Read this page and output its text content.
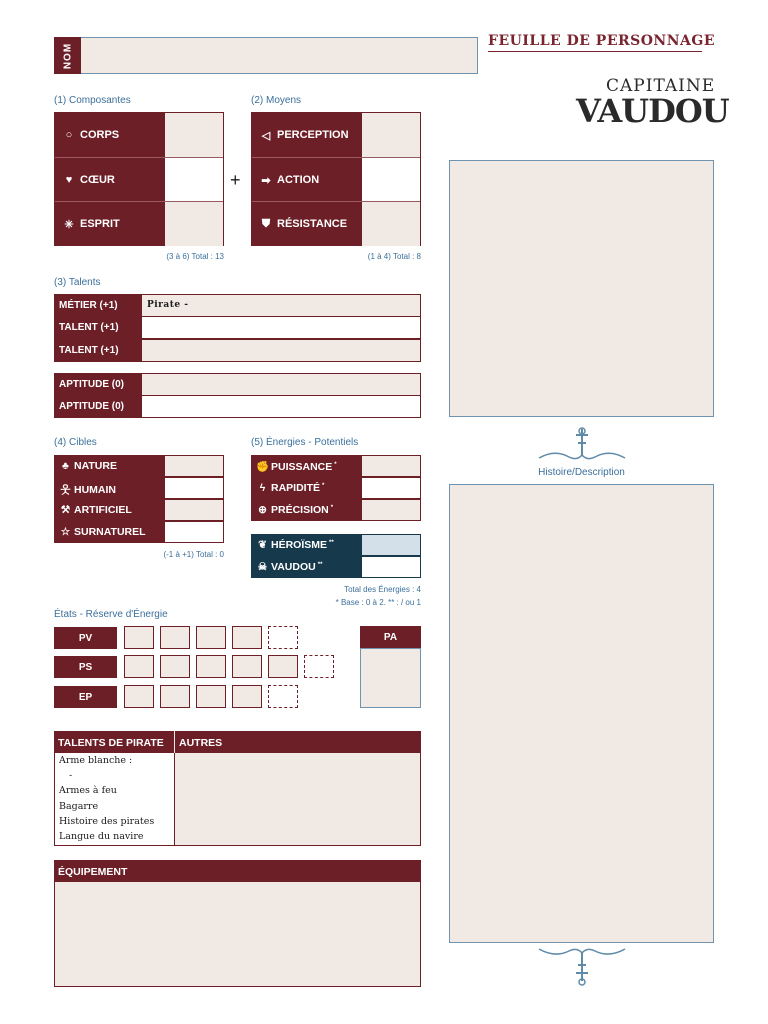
NOM
FEUILLE DE PERSONNAGE
CAPITAINE
VAUDOU
(1) Composantes
○ CORPS
♥ CŒUR
✳ ESPRIT
(3 à 6) Total : 13
+
(2) Moyens
◁ PERCEPTION
➡ ACTION
⛊ RÉSISTANCE
(1 à 4) Total : 8
(3) Talents
MÉTIER (+1)	Pirate -
TALENT (+1)
TALENT (+1)
APTITUDE (0)
APTITUDE (0)
(4) Cibles
♣ NATURE
웃 HUMAIN
⚒ ARTIFICIEL
☆ SURNATUREL
(-1 à +1) Total : 0
(5) Énergies - Potentiels
✊ PUISSANCE *
ϟ RAPIDITÉ *
⊕ PRÉCISION *
❦ HÉROÏSME **
☠ VAUDOU **
Total des Énergies : 4
* Base : 0 à 2. ** : / ou 1
États - Réserve d'Énergie
PV
PS
EP
PA
TALENTS DE PIRATE	AUTRES
Arme blanche :
-
Armes à feu
Bagarre
Histoire des pirates
Langue du navire
ÉQUIPEMENT
Histoire/Description
